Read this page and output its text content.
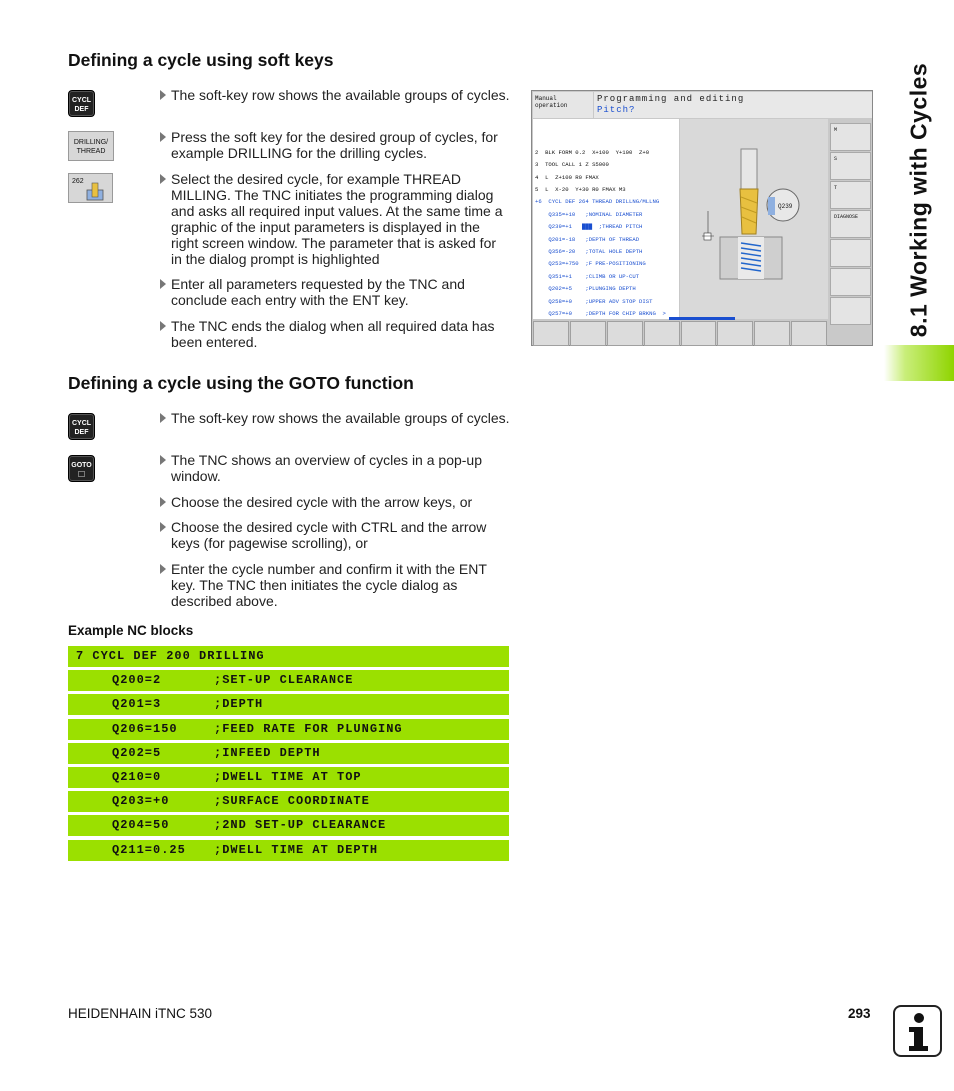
8.1 Working with Cycles
Defining a cycle using soft keys
CYCL
DEF
DRILLING/
THREAD
262
The soft-key row shows the available groups of cycles.
Press the soft key for the desired group of cycles, for example DRILLING for the drilling cycles.
Select the desired cycle, for example THREAD MILLING. The TNC initiates the programming dialog and asks all required input values. At the same time a graphic of the input parameters is displayed in the right screen window. The parameter that is asked for in the dialog prompt is highlighted
Enter all parameters requested by the TNC and conclude each entry with the ENT key.
The TNC ends the dialog when all required data has been entered.
Manual
operation
Programming and editing
Pitch?

2  BLK FORM 0.2  X+100  Y+100  Z+0
3  TOOL CALL 1 Z S5000
4  L  Z+100 R0 FMAX
5  L  X-20  Y+30 R0 FMAX M3
+6  CYCL DEF 264 THREAD DRILLNG/MLLNG
Q335=+10   ;NOMINAL DIAMETER
Q239=+1   ███  ;THREAD PITCH
Q201=-18   ;DEPTH OF THREAD
Q356=-20   ;TOTAL HOLE DEPTH
Q253=+750  ;F PRE-POSITIONING
Q351=+1    ;CLIMB OR UP-CUT
Q202=+5    ;PLUNGING DEPTH
Q258=+0    ;UPPER ADV STOP DIST
Q257=+0    ;DEPTH FOR CHIP BRKNG  >

Q239
M
S
T
DIAGNOSE
Defining a cycle using the GOTO function
CYCL
DEF
GOTO
□
The soft-key row shows the available groups of cycles.
The TNC shows an overview of cycles in a pop-up window.
Choose the desired cycle with the arrow keys, or
Choose the desired cycle with CTRL and the arrow keys (for pagewise scrolling), or
Enter the cycle number and confirm it with the ENT key. The TNC then initiates the cycle dialog as described above.
Example NC blocks
7 CYCL DEF 200 DRILLING
Q200=2	;SET-UP CLEARANCE
Q201=3	;DEPTH
Q206=150	;FEED RATE FOR PLUNGING
Q202=5	;INFEED DEPTH
Q210=0	;DWELL TIME AT TOP
Q203=+0	;SURFACE COORDINATE
Q204=50	;2ND SET-UP CLEARANCE
Q211=0.25 ;DWELL TIME AT DEPTH
HEIDENHAIN iTNC 530	293
